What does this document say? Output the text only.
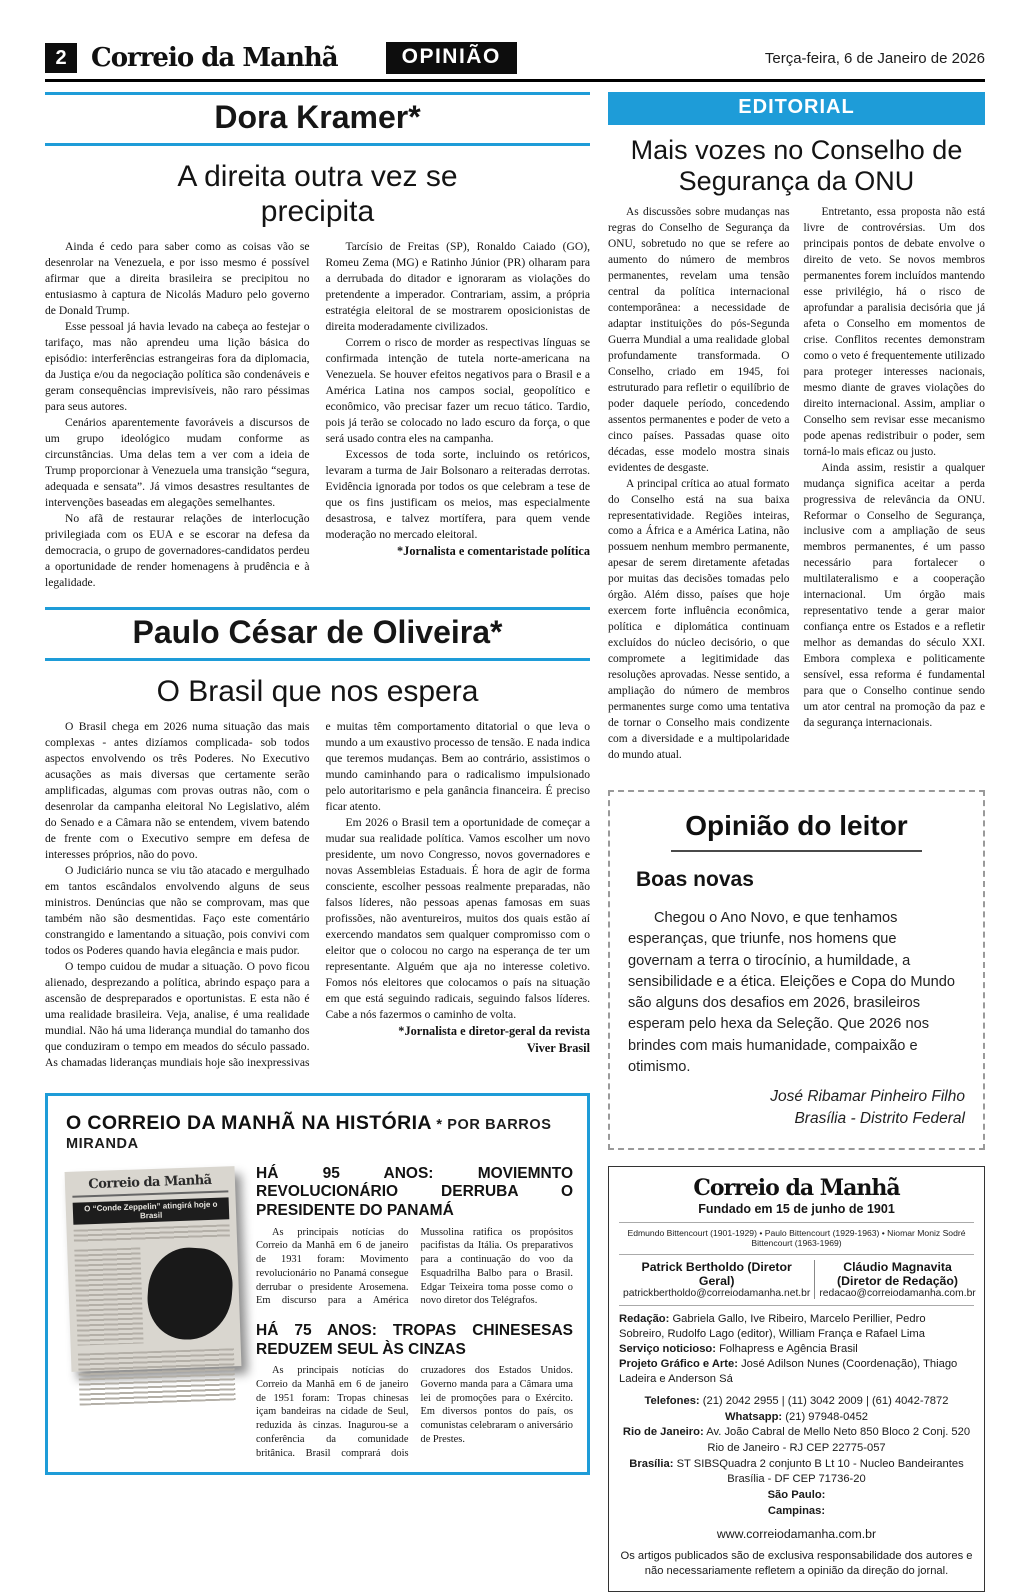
2 Correio da Manhã	OPINIÃO	Terça-feira, 6 de Janeiro de 2026
Dora Kramer*
A direita outra vez se precipita

Ainda é cedo para saber como as coisas vão se desenrolar na Venezuela, e por isso mesmo é possível afirmar que a direita brasileira se precipitou no entusiasmo à captura de Nicolás Maduro pelo governo de Donald Trump.

Esse pessoal já havia levado na cabeça ao festejar o tarifaço, mas não aprendeu uma lição básica do episódio: interferências estrangeiras fora da diplomacia, da Justiça e/ou da negociação política são condenáveis e geram consequências imprevisíveis, não raro péssimas para seus autores.

Cenários aparentemente favoráveis a discursos de um grupo ideológico mudam conforme as circunstâncias. Uma delas tem a ver com a ideia de Trump proporcionar à Venezuela uma transição “segura, adequada e sensata”. Já vimos desastres resultantes de intervenções baseadas em alegações semelhantes.

No afã de restaurar relações de interlocução privilegiada com os EUA e se escorar na defesa da democracia, o grupo de governadores-candidatos perdeu a oportunidade de render homenagens à prudência e à legalidade.

Tarcísio de Freitas (SP), Ronaldo Caiado (GO), Romeu Zema (MG) e Ratinho Júnior (PR) olharam para a derrubada do ditador e ignoraram as violações do pretendente a imperador. Contrariam, assim, a própria estratégia eleitoral de se mostrarem oposicionistas de direita moderadamente civilizados.

Correm o risco de morder as respectivas línguas se confirmada intenção de tutela norte-americana na Venezuela. Se houver efeitos negativos para o Brasil e a América Latina nos campos social, geopolítico e econômico, vão precisar fazer um recuo tático. Tardio, pois já terão se colocado no lado escuro da força, o que será usado contra eles na campanha.

Excessos de toda sorte, incluindo os retóricos, levaram a turma de Jair Bolsonaro a reiteradas derrotas. Evidência ignorada por todos os que celebram a tese de que os fins justificam os meios, mas especialmente desastrosa, e talvez mortífera, para quem vende moderação no mercado eleitoral.

*Jornalista e comentaristade política

Paulo César de Oliveira*
O Brasil que nos espera

O Brasil chega em 2026 numa situação das mais complexas - antes dizíamos complicada- sob todos aspectos envolvendo os três Poderes. No Executivo acusações as mais diversas que certamente serão amplificadas, algumas com provas outras não, com o desenrolar da campanha eleitoral No Legislativo, além do Senado e a Câmara não se entendem, vivem batendo de frente com o Executivo sempre em defesa de interesses próprios, não do povo.

O Judiciário nunca se viu tão atacado e mergulhado em tantos escândalos envolvendo alguns de seus ministros. Denúncias que não se comprovam, mas que também não são desmentidas. Faço este comentário constrangido e lamentando a situação, pois convivi com todos os Poderes quando havia elegância e mais pudor.

O tempo cuidou de mudar a situação. O povo ficou alienado, desprezando a política, abrindo espaço para a ascensão de despreparados e oportunistas. E esta não é uma realidade brasileira. Veja, analise, é uma realidade mundial. Não há uma liderança mundial do tamanho dos que conduziram o tempo em meados do século passado. As chamadas lideranças mundiais hoje são inexpressivas e muitas têm comportamento ditatorial o que leva o mundo a um exaustivo processo de tensão. E nada indica que teremos mudanças. Bem ao contrário, assistimos o mundo caminhando para o radicalismo impulsionado pelo autoritarismo e pela ganância financeira. É preciso ficar atento.

Em 2026 o Brasil tem a oportunidade de começar a mudar sua realidade política. Vamos escolher um novo presidente, um novo Congresso, novos governadores e novas Assembleias Estaduais. É hora de agir de forma consciente, escolher pessoas realmente preparadas, não falsos líderes, não pessoas apenas famosas em suas profissões, não aventureiros, muitos dos quais estão aí exercendo mandatos sem qualquer compromisso com o eleitor que o colocou no cargo na esperança de ter um representante. Alguém que aja no interesse coletivo. Fomos nós eleitores que colocamos o país na situação em que está seguindo radicais, seguindo falsos líderes. Cabe a nós fazermos o caminho de volta.

*Jornalista e diretor-geral da revista

Viver Brasil

O CORREIO DA MANHÃ NA HISTÓRIA * POR BARROS MIRANDA
Correio da Manhã
O “Conde Zeppelin” atingirá hoje o Brasil
HÁ 95 ANOS: MOVIEMNTO REVOLUCIONÁRIO DERRUBA O PRESIDENTE DO PANAMÁ

As principais notícias do Correio da Manhã em 6 de janeiro de 1931 foram: Movimento revolucionário no Panamá consegue derrubar o presidente Arosemena. Em discurso para a América Mussolina ratifica os propósitos pacifistas da Itália. Os preparativos para a continuação do voo da Esquadrilha Balbo para o Brasil. Edgar Teixeira toma posse como o novo diretor dos Telégrafos.

HÁ 75 ANOS: TROPAS CHINESESAS REDUZEM SEUL ÀS CINZAS

As principais notícias do Correio da Manhã em 6 de janeiro de 1951 foram: Tropas chinesas içam bandeiras na cidade de Seul, reduzida às cinzas. Inagurou-se a conferência da comunidade britânica. Brasil comprará dois cruzadores dos Estados Unidos. Governo manda para a Câmara uma lei de promoções para o Exército. Em diversos pontos do país, os comunistas celebraram o aniversário de Prestes.

EDITORIAL
Mais vozes no Conselho de Segurança da ONU

As discussões sobre mudanças nas regras do Conselho de Segurança da ONU, sobretudo no que se refere ao aumento do número de membros permanentes, revelam uma tensão central da política internacional contemporânea: a necessidade de adaptar instituições do pós-Segunda Guerra Mundial a uma realidade global profundamente transformada. O Conselho, criado em 1945, foi estruturado para refletir o equilíbrio de poder daquele período, concedendo assentos permanentes e poder de veto a cinco países. Passadas quase oito décadas, esse modelo mostra sinais evidentes de desgaste.

A principal crítica ao atual formato do Conselho está na sua baixa representatividade. Regiões inteiras, como a África e a América Latina, não possuem nenhum membro permanente, apesar de serem diretamente afetadas por muitas das decisões tomadas pelo órgão. Além disso, países que hoje exercem forte influência econômica, política e diplomática continuam excluídos do núcleo decisório, o que compromete a legitimidade das resoluções aprovadas. Nesse sentido, a ampliação do número de membros permanentes surge como uma tentativa de tornar o Conselho mais condizente com a diversidade e a multipolaridade do mundo atual.

Entretanto, essa proposta não está livre de controvérsias. Um dos principais pontos de debate envolve o direito de veto. Se novos membros permanentes forem incluídos mantendo esse privilégio, há o risco de aprofundar a paralisia decisória que já afeta o Conselho em momentos de crise. Conflitos recentes demonstram como o veto é frequentemente utilizado para proteger interesses nacionais, mesmo diante de graves violações do direito internacional. Assim, ampliar o Conselho sem revisar esse mecanismo pode apenas redistribuir o poder, sem torná-lo mais eficaz ou justo.

Ainda assim, resistir a qualquer mudança significa aceitar a perda progressiva de relevância da ONU. Reformar o Conselho de Segurança, inclusive com a ampliação de seus membros permanentes, é um passo necessário para fortalecer o multilateralismo e a cooperação internacional. Um órgão mais representativo tende a gerar maior confiança entre os Estados e a refletir melhor as demandas do século XXI. Embora complexa e politicamente sensível, essa reforma é fundamental para que o Conselho continue sendo um ator central na promoção da paz e da segurança internacionais.

Opinião do leitor
Boas novas
Chegou o Ano Novo, e que tenhamos esperanças, que triunfe, nos homens que governam a terra o tirocínio, a humildade, a sensibilidade e a ética. Eleições e Copa do Mundo são alguns dos desafios em 2026, brasileiros esperam pelo hexa da Seleção. Que 2026 nos brindes com mais humanidade, compaixão e otimismo.
José Ribamar Pinheiro Filho
Brasília - Distrito Federal
Correio da Manhã
Fundado em 15 de junho de 1901
Edmundo Bittencourt (1901-1929) • Paulo Bittencourt (1929-1963) • Niomar Moniz Sodré Bittencourt (1963-1969)
Patrick Bertholdo (Diretor Geral)
patrickbertholdo@correiodamanha.net.br
Cláudio Magnavita (Diretor de Redação)
redacao@correiodamanha.com.br
Redação: Gabriela Gallo, Ive Ribeiro, Marcelo Perillier, Pedro Sobreiro, Rudolfo Lago (editor), William França e Rafael Lima
Serviço noticioso: Folhapress e Agência Brasil
Projeto Gráfico e Arte: José Adilson Nunes (Coordenação), Thiago Ladeira e Anderson Sá
Telefones: (21) 2042 2955 | (11) 3042 2009 | (61) 4042-7872
Whatsapp: (21) 97948-0452
Rio de Janeiro: Av. João Cabral de Mello Neto 850 Bloco 2 Conj. 520
Rio de Janeiro - RJ CEP 22775-057
Brasília: ST SIBSQuadra 2 conjunto B Lt 10 - Nucleo Bandeirantes
Brasília - DF CEP 71736-20
São Paulo:
Campinas:
www.correiodamanha.com.br
Os artigos publicados são de exclusiva responsabilidade dos autores e não necessariamente refletem a opinião da direção do jornal.
